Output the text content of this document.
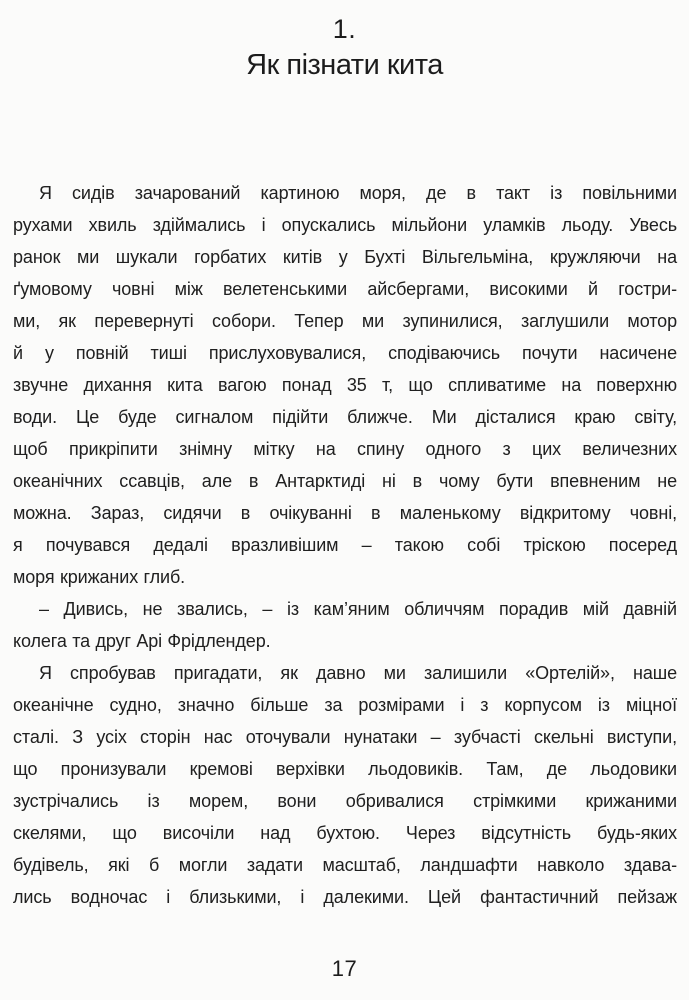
1.
Як пізнати кита
Я сидів зачарований картиною моря, де в такт із повільними
рухами хвиль здіймались і опускались мільйони уламків льоду. Увесь
ранок ми шукали горбатих китів у Бухті Вільгельміна, кружляючи на
ґумовому човні між велетенськими айсбергами, високими й гостри-
ми, як перевернуті собори. Тепер ми зупинилися, заглушили мотор
й у повній тиші прислуховувалися, сподіваючись почути насичене
звучне дихання кита вагою понад 35 т, що спливатиме на поверхню
води. Це буде сигналом підійти ближче. Ми дісталися краю світу,
щоб прикріпити знімну мітку на спину одного з цих величезних
океанічних ссавців, але в Антарктиді ні в чому бути впевненим не
можна. Зараз, сидячи в очікуванні в маленькому відкритому човні,
я почувався дедалі вразливішим – такою собі тріскою посеред
моря крижаних глиб.
– Дивись, не звались, – із кам’яним обличчям порадив мій давній
колега та друг Арі Фрідлендер.
Я спробував пригадати, як давно ми залишили «Ортелій», наше
океанічне судно, значно більше за розмірами і з корпусом із міцної
сталі. З усіх сторін нас оточували нунатаки – зубчасті скельні виступи,
що пронизували кремові верхівки льодовиків. Там, де льодовики
зустрічались із морем, вони обривалися стрімкими крижаними
скелями, що височіли над бухтою. Через відсутність будь-яких
будівель, які б могли задати масштаб, ландшафти навколо здава-
лись водночас і близькими, і далекими. Цей фантастичний пейзаж
17
